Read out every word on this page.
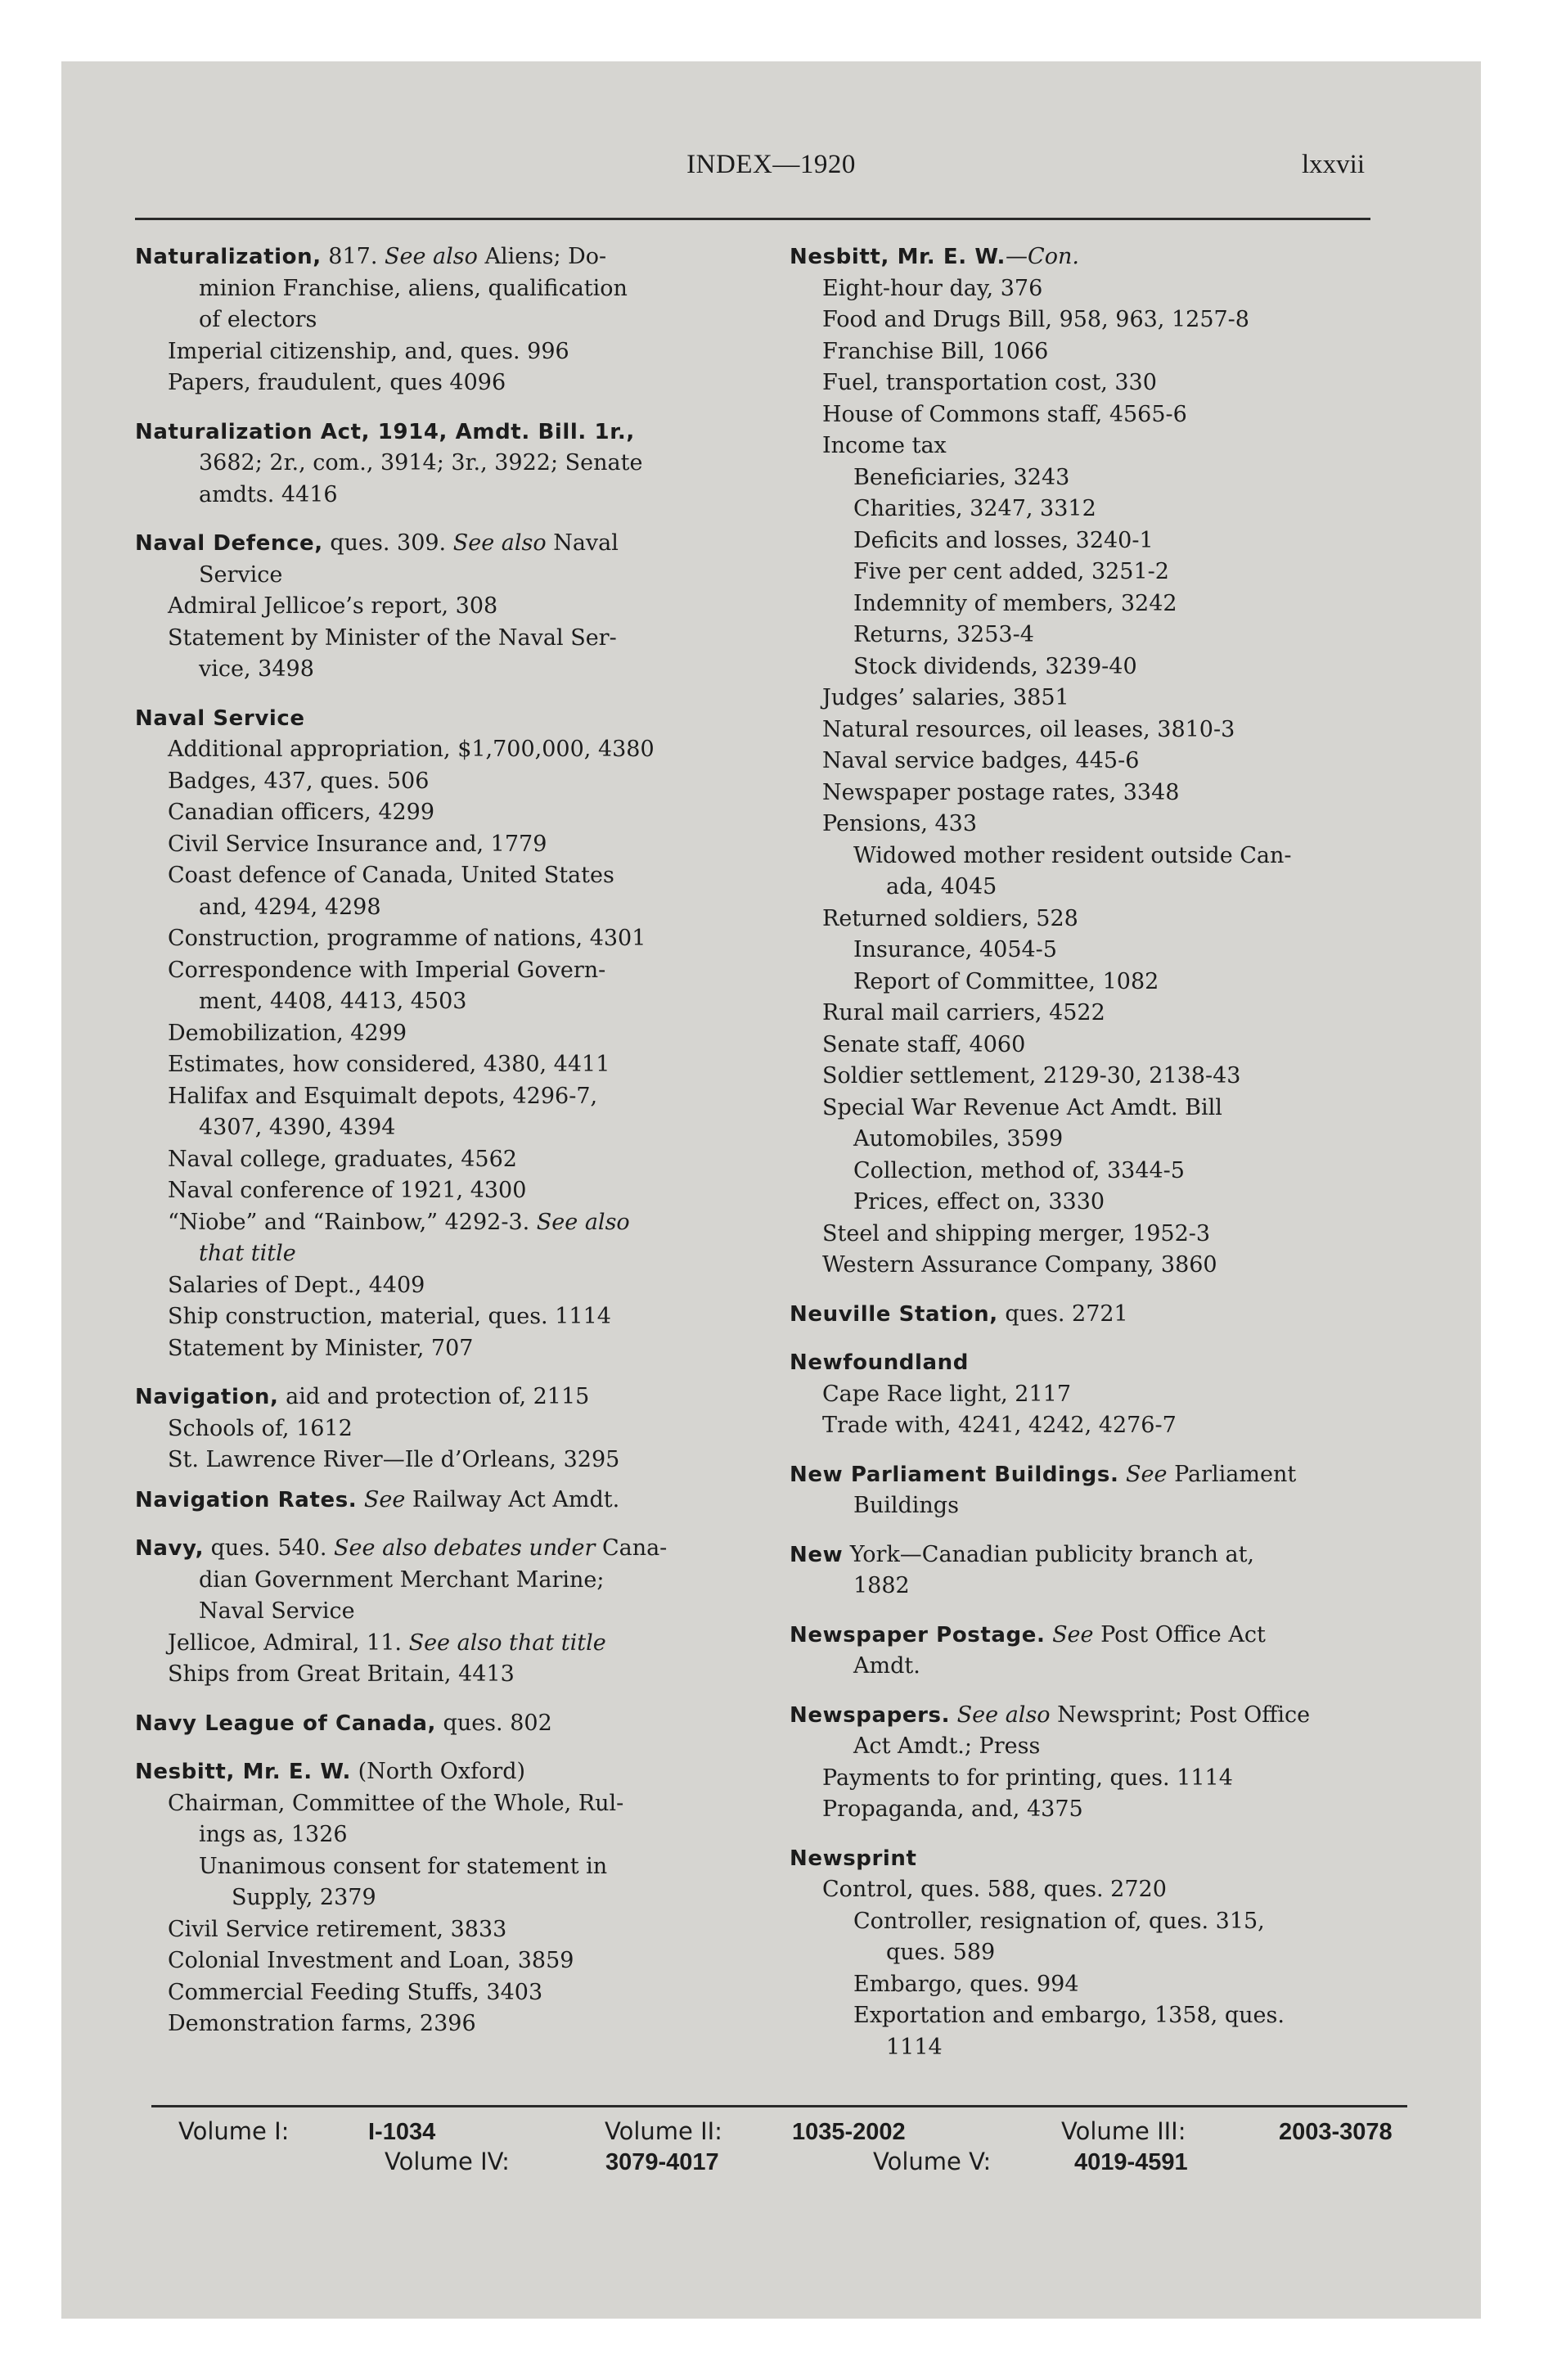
INDEX—1920	lxxvii
Naturalization, 817. See also Aliens; Do-
minion Franchise, aliens, qualification
of electors
Imperial citizenship, and, ques. 996
Papers, fraudulent, ques 4096
Naturalization Act, 1914, Amdt. Bill. 1r.,
3682; 2r., com., 3914; 3r., 3922; Senate
amdts. 4416
Naval Defence, ques. 309. See also Naval
Service
Admiral Jellicoe’s report, 308
Statement by Minister of the Naval Ser-
vice, 3498
Naval Service
Additional appropriation, $1,700,000, 4380
Badges, 437, ques. 506
Canadian officers, 4299
Civil Service Insurance and, 1779
Coast defence of Canada, United States
and, 4294, 4298
Construction, programme of nations, 4301
Correspondence with Imperial Govern-
ment, 4408, 4413, 4503
Demobilization, 4299
Estimates, how considered, 4380, 4411
Halifax and Esquimalt depots, 4296-7,
4307, 4390, 4394
Naval college, graduates, 4562
Naval conference of 1921, 4300
“Niobe” and “Rainbow,” 4292-3. See also
that title
Salaries of Dept., 4409
Ship construction, material, ques. 1114
Statement by Minister, 707
Navigation, aid and protection of, 2115
Schools of, 1612
St. Lawrence River—Ile d’Orleans, 3295
Navigation Rates. See Railway Act Amdt.
Navy, ques. 540. See also debates under Cana-
dian Government Merchant Marine;
Naval Service
Jellicoe, Admiral, 11. See also that title
Ships from Great Britain, 4413
Navy League of Canada, ques. 802
Nesbitt, Mr. E. W. (North Oxford)
Chairman, Committee of the Whole, Rul-
ings as, 1326
Unanimous consent for statement in
Supply, 2379
Civil Service retirement, 3833
Colonial Investment and Loan, 3859
Commercial Feeding Stuffs, 3403
Demonstration farms, 2396
Nesbitt, Mr. E. W.—Con.
Eight-hour day, 376
Food and Drugs Bill, 958, 963, 1257-8
Franchise Bill, 1066
Fuel, transportation cost, 330
House of Commons staff, 4565-6
Income tax
Beneficiaries, 3243
Charities, 3247, 3312
Deficits and losses, 3240-1
Five per cent added, 3251-2
Indemnity of members, 3242
Returns, 3253-4
Stock dividends, 3239-40
Judges’ salaries, 3851
Natural resources, oil leases, 3810-3
Naval service badges, 445-6
Newspaper postage rates, 3348
Pensions, 433
Widowed mother resident outside Can-
ada, 4045
Returned soldiers, 528
Insurance, 4054-5
Report of Committee, 1082
Rural mail carriers, 4522
Senate staff, 4060
Soldier settlement, 2129-30, 2138-43
Special War Revenue Act Amdt. Bill
Automobiles, 3599
Collection, method of, 3344-5
Prices, effect on, 3330
Steel and shipping merger, 1952-3
Western Assurance Company, 3860
Neuville Station, ques. 2721
Newfoundland
Cape Race light, 2117
Trade with, 4241, 4242, 4276-7
New Parliament Buildings. See Parliament
Buildings
New York—Canadian publicity branch at,
1882
Newspaper Postage. See Post Office Act
Amdt.
Newspapers. See also Newsprint; Post Office
Act Amdt.; Press
Payments to for printing, ques. 1114
Propaganda, and, 4375
Newsprint
Control, ques. 588, ques. 2720
Controller, resignation of, ques. 315,
ques. 589
Embargo, ques. 994
Exportation and embargo, 1358, ques.
1114
Volume I:	I-1034	Volume II:	1035-2002	Volume III:	2003-3078
Volume IV:	3079-4017	Volume V:	4019-4591
